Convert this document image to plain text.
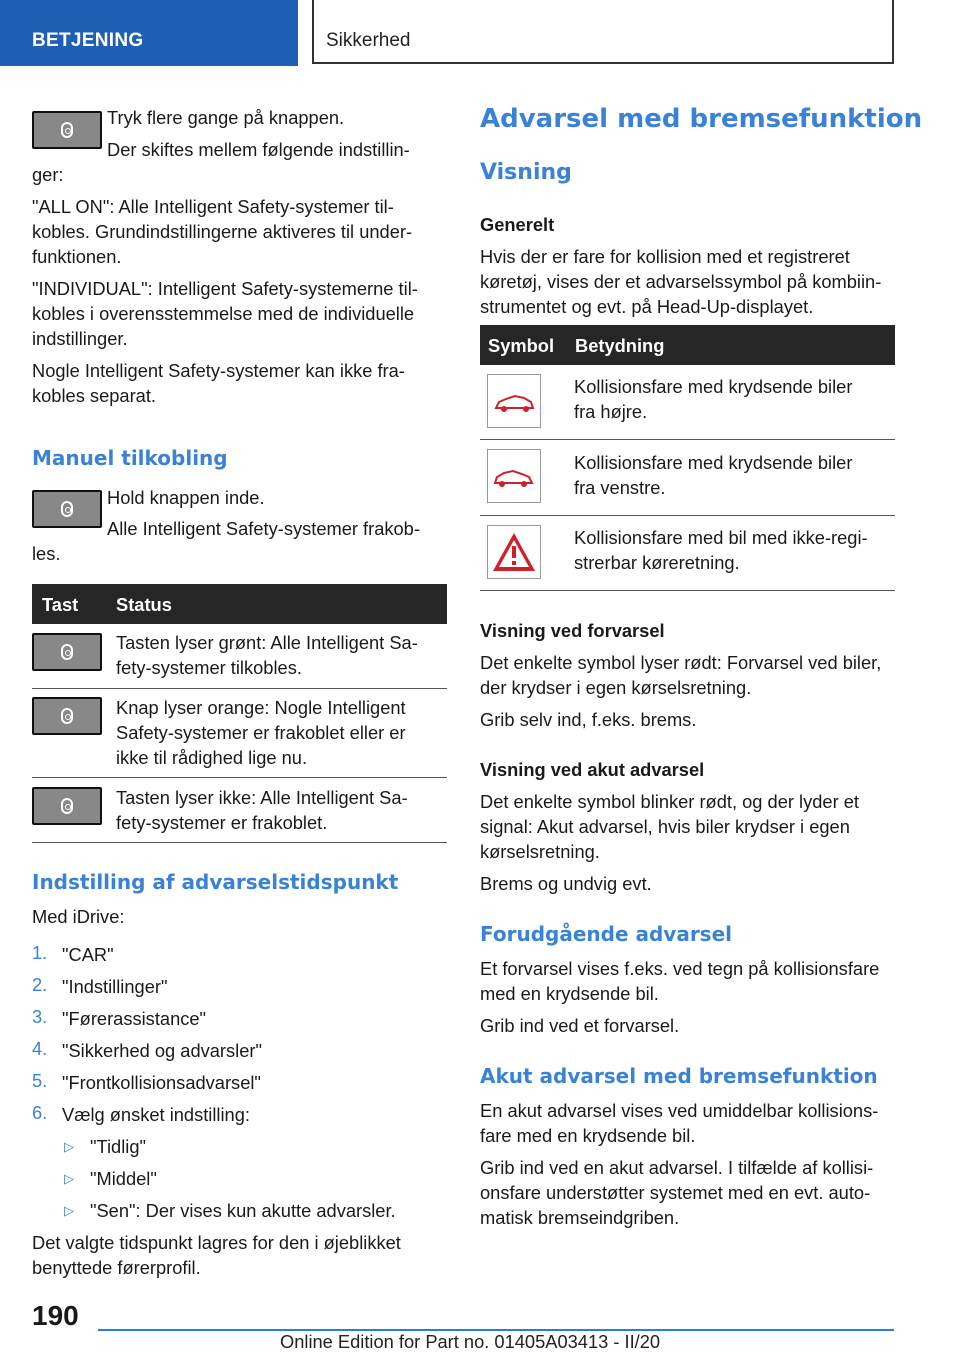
BETJENING	Sikkerhed

Tryk flere gange på knappen.

Der skiftes mellem følgende indstillin-

ger:

"ALL ON": Alle Intelligent Safety-systemer til-

kobles. Grundindstillingerne aktiveres til under-

funktionen.

"INDIVIDUAL": Intelligent Safety-systemerne til-

kobles i overensstemmelse med de individuelle

indstillinger.

Nogle Intelligent Safety-systemer kan ikke fra-

kobles separat.

Manuel tilkobling

Hold knappen inde.

Alle Intelligent Safety-systemer frakob-

les.

Tast Status

Tasten lyser grønt: Alle Intelligent Sa-

fety-systemer tilkobles.

Knap lyser orange: Nogle Intelligent

Safety-systemer er frakoblet eller er

ikke til rådighed lige nu.

Tasten lyser ikke: Alle Intelligent Sa-

fety-systemer er frakoblet.

Indstilling af advarselstidspunkt

Med iDrive:

1. "CAR"

2. "Indstillinger"

3. "Førerassistance"

4. "Sikkerhed og advarsler"

5. "Frontkollisionsadvarsel"

6. Vælg ønsket indstilling:

▷ "Tidlig"

▷ "Middel"

▷ "Sen": Der vises kun akutte advarsler.

Det valgte tidspunkt lagres for den i øjeblikket

benyttede førerprofil.

Advarsel med bremsefunktion
Visning

Generelt

Hvis der er fare for kollision med et registreret

køretøj, vises der et advarselssymbol på kombiin-

strumentet og evt. på Head-Up-displayet.

Symbol Betydning

Kollisionsfare med krydsende biler

fra højre.

Kollisionsfare med krydsende biler

fra venstre.

Kollisionsfare med bil med ikke-regi-

strerbar køreretning.

Visning ved forvarsel

Det enkelte symbol lyser rødt: Forvarsel ved biler,

der krydser i egen kørselsretning.

Grib selv ind, f.eks. brems.

Visning ved akut advarsel

Det enkelte symbol blinker rødt, og der lyder et

signal: Akut advarsel, hvis biler krydser i egen

kørselsretning.

Brems og undvig evt.

Forudgående advarsel

Et forvarsel vises f.eks. ved tegn på kollisionsfare

med en krydsende bil.

Grib ind ved et forvarsel.

Akut advarsel med bremsefunktion

En akut advarsel vises ved umiddelbar kollisions-

fare med en krydsende bil.

Grib ind ved en akut advarsel. I tilfælde af kollisi-

onsfare understøtter systemet med en evt. auto-

matisk bremseindgriben.

190
Online Edition for Part no. 01405A03413 - II/20
